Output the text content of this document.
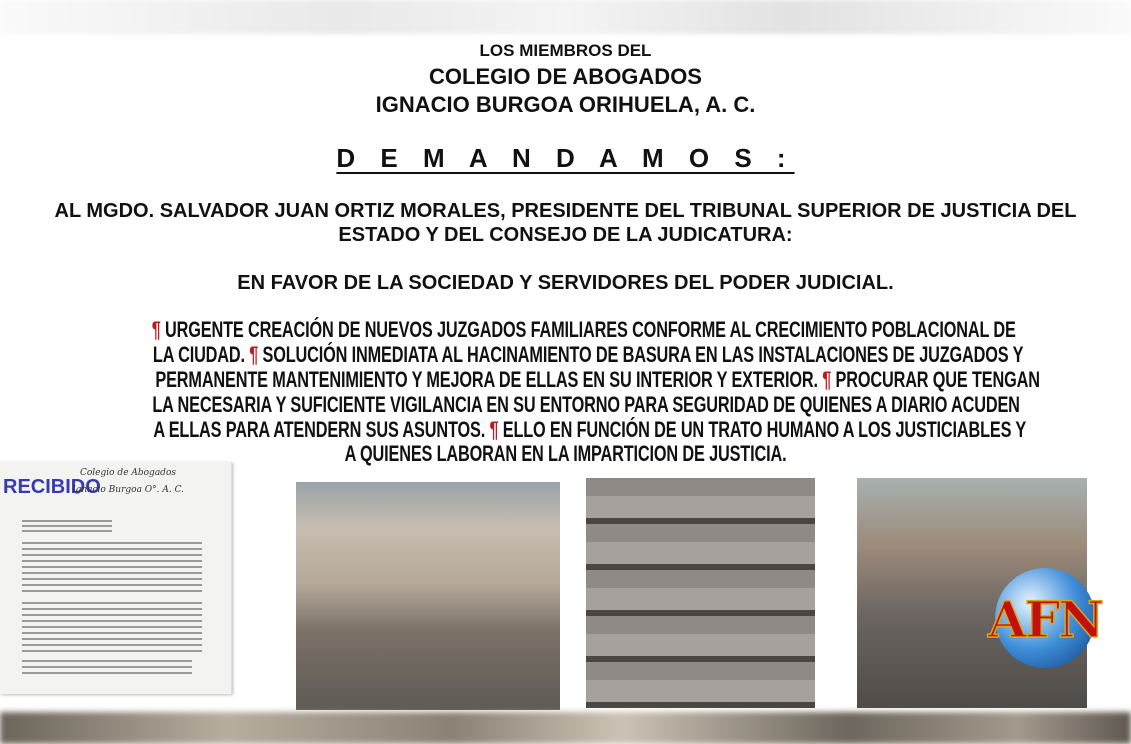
LOS MIEMBROS DEL
COLEGIO DE ABOGADOS
IGNACIO BURGOA ORIHUELA, A. C.
D E M A N D A M O S :
AL MGDO. SALVADOR JUAN ORTIZ MORALES, PRESIDENTE DEL TRIBUNAL SUPERIOR DE JUSTICIA DEL
ESTADO Y DEL CONSEJO DE LA JUDICATURA:
EN FAVOR DE LA SOCIEDAD Y SERVIDORES DEL PODER JUDICIAL.
¶ URGENTE CREACIÓN DE NUEVOS JUZGADOS FAMILIARES CONFORME AL CRECIMIENTO POBLACIONAL DE
LA CIUDAD. ¶ SOLUCIÓN INMEDIATA AL HACINAMIENTO DE BASURA EN LAS INSTALACIONES DE JUZGADOS Y
PERMANENTE MANTENIMIENTO Y MEJORA DE ELLAS EN SU INTERIOR Y EXTERIOR. ¶ PROCURAR QUE TENGAN
LA NECESARIA Y SUFICIENTE VIGILANCIA EN SU ENTORNO PARA SEGURIDAD DE QUIENES A DIARIO ACUDEN
A ELLAS PARA ATENDERN SUS ASUNTOS. ¶ ELLO EN FUNCIÓN DE UN TRATO HUMANO A LOS JUSTICIABLES Y
A QUIENES LABORAN EN LA IMPARTICION DE JUSTICIA.
RECIBIDO
Colegio de Abogados
Ignacio Burgoa O°. A. C.
AFN
